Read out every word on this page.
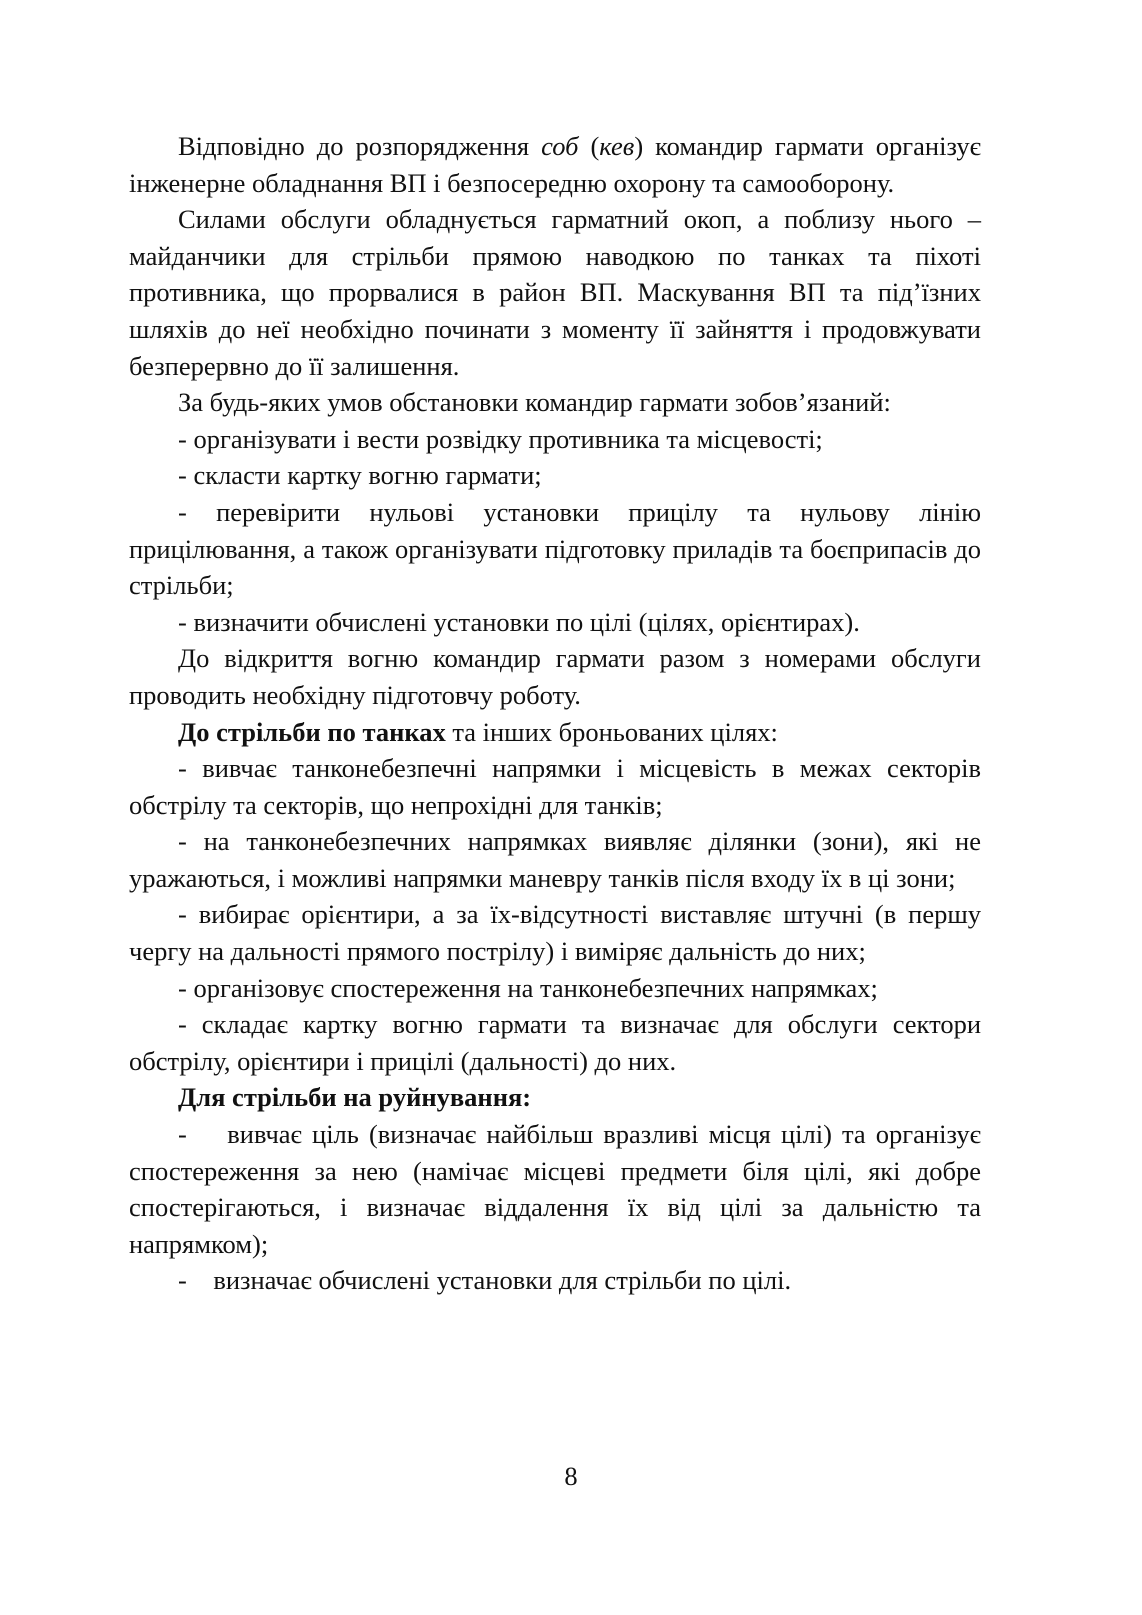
Відповідно до розпорядження соб (кев) командир гармати організує інженерне обладнання ВП і безпосередню охорону та самооборону.

Силами обслуги обладнується гарматний окоп, а поблизу нього – майданчики для стрільби прямою наводкою по танках та піхоті противника, що прорвалися в район ВП. Маскування ВП та під’їзних шляхів до неї необхідно починати з моменту її зайняття і продовжувати безперервно до її залишення.

За будь-яких умов обстановки командир гармати зобов’язаний:

- організувати і вести розвідку противника та місцевості;

- скласти картку вогню гармати;

- перевірити нульові установки прицілу та нульову лінію прицілювання, а також організувати підготовку приладів та боєприпасів до стрільби;

- визначити обчислені установки по цілі (цілях, орієнтирах).

До відкриття вогню командир гармати разом з номерами обслуги проводить необхідну підготовчу роботу.

До стрільби по танках та інших броньованих цілях:

- вивчає танконебезпечні напрямки і місцевість в межах секторів обстрілу та секторів, що непрохідні для танків;

- на танконебезпечних напрямках виявляє ділянки (зони), які не уражаються, і можливі напрямки маневру танків після входу їх в ці зони;

- вибирає орієнтири, а за їх-відсутності виставляє штучні (в першу чергу на дальності прямого пострілу) і виміряє дальність до них;

- організовує спостереження на танконебезпечних напрямках;

- складає картку вогню гармати та визначає для обслуги сектори обстрілу, орієнтири і прицілі (дальності) до них.

Для стрільби на руйнування:

-    вивчає ціль (визначає найбільш вразливі місця цілі) та організує спостереження за нею (намічає місцеві предмети біля цілі, які добре спостерігаються, і визначає віддалення їх від цілі за дальністю та напрямком);

-    визначає обчислені установки для стрільби по цілі.

8
